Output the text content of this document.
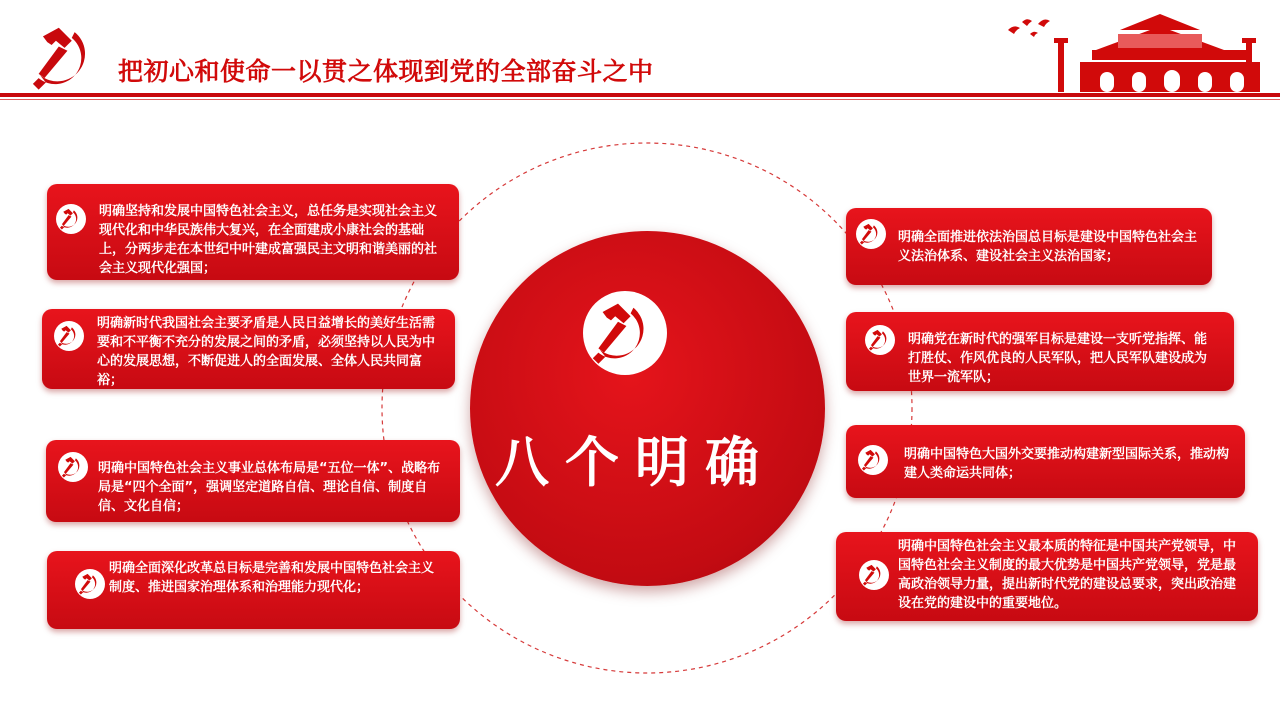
把初心和使命一以贯之体现到党的全部奋斗之中
八个明确
明确坚持和发展中国特色社会主义，总任务是实现社会主义现代化和中华民族伟大复兴，在全面建成小康社会的基础上，分两步走在本世纪中叶建成富强民主文明和谐美丽的社会主义现代化强国；
明确新时代我国社会主要矛盾是人民日益增长的美好生活需要和不平衡不充分的发展之间的矛盾，必须坚持以人民为中心的发展思想，不断促进人的全面发展、全体人民共同富裕；
明确中国特色社会主义事业总体布局是“五位一体”、战略布局是“四个全面”，强调坚定道路自信、理论自信、制度自信、文化自信；
明确全面深化改革总目标是完善和发展中国特色社会主义制度、推进国家治理体系和治理能力现代化；
明确全面推进依法治国总目标是建设中国特色社会主义法治体系、建设社会主义法治国家；
明确党在新时代的强军目标是建设一支听党指挥、能打胜仗、作风优良的人民军队，把人民军队建设成为世界一流军队；
明确中国特色大国外交要推动构建新型国际关系，推动构建人类命运共同体；
明确中国特色社会主义最本质的特征是中国共产党领导，中国特色社会主义制度的最大优势是中国共产党领导，党是最高政治领导力量，提出新时代党的建设总要求，突出政治建设在党的建设中的重要地位。
